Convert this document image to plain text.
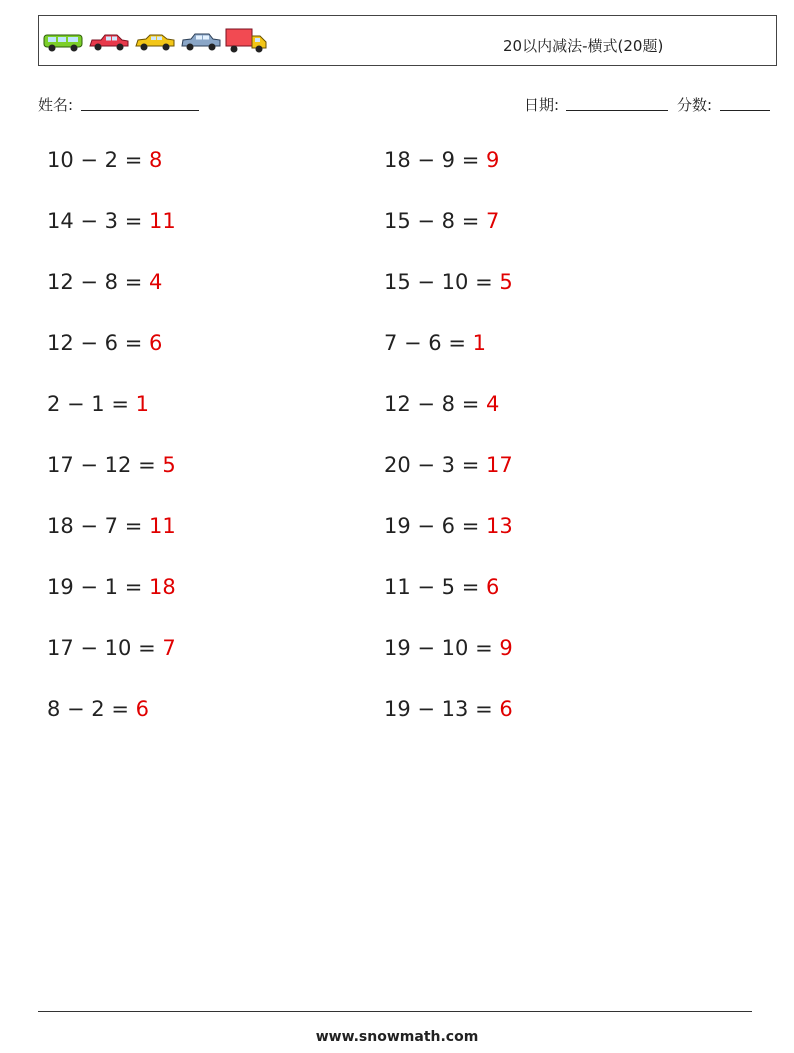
20以内减法-横式(20题)
姓名:	日期:	分数:
10 − 2 = 8
14 − 3 = 11
12 − 8 = 4
12 − 6 = 6
2 − 1 = 1
17 − 12 = 5
18 − 7 = 11
19 − 1 = 18
17 − 10 = 7
8 − 2 = 6
18 − 9 = 9
15 − 8 = 7
15 − 10 = 5
7 − 6 = 1
12 − 8 = 4
20 − 3 = 17
19 − 6 = 13
11 − 5 = 6
19 − 10 = 9
19 − 13 = 6
www.snowmath.com
